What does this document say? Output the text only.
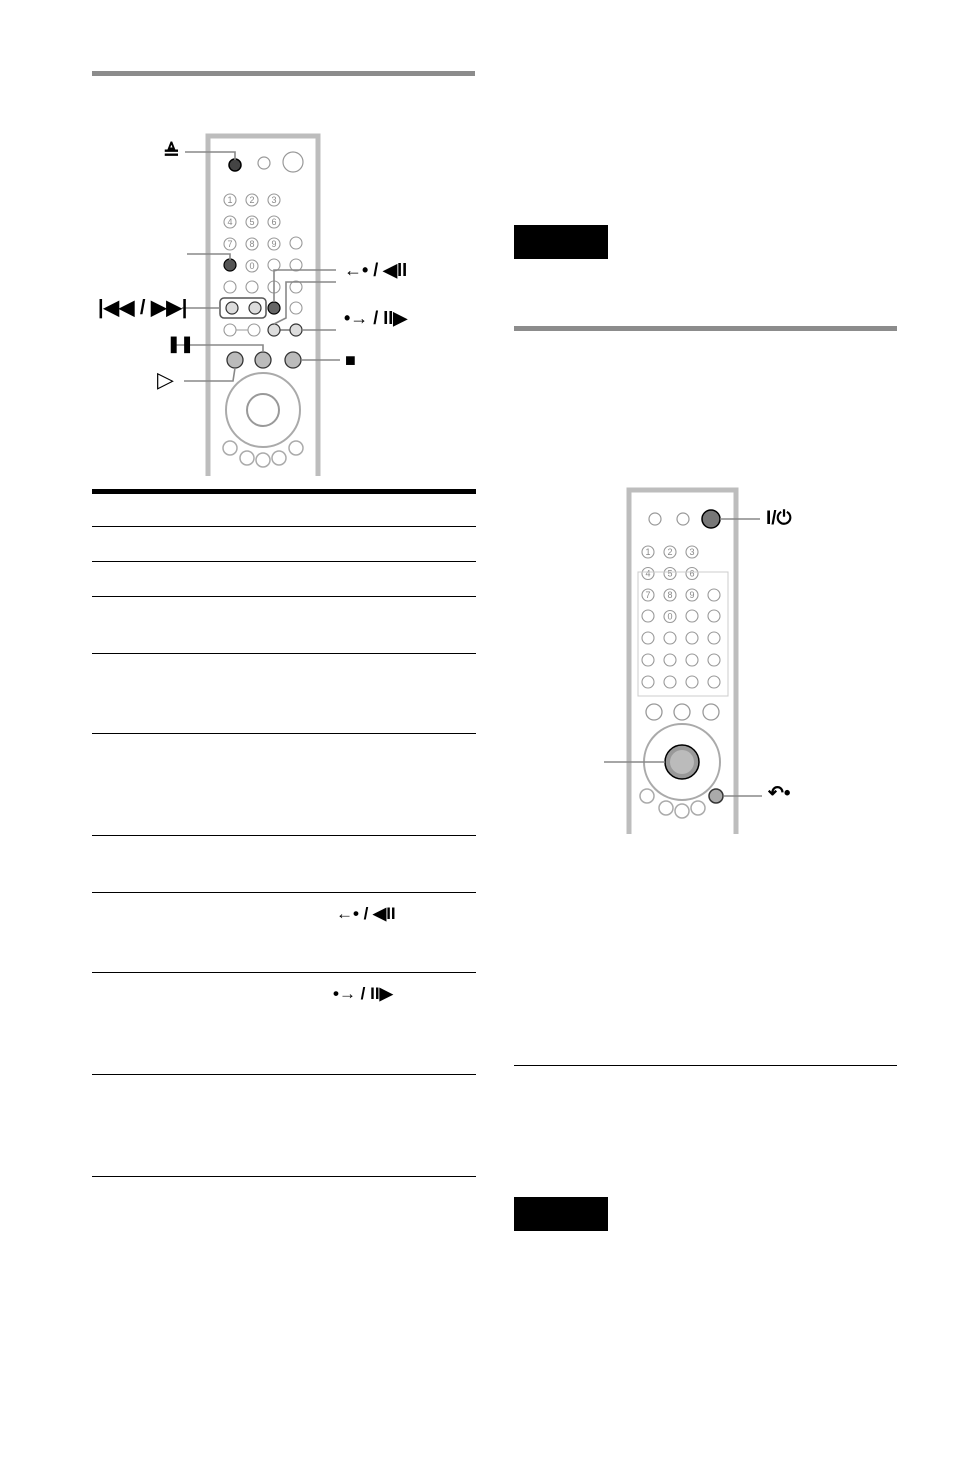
1 2 3
4 5 6
7 8 9
0
≜
|◀◀ / ▶▶|
❚❚
▷
←• / ◀II
•→ / II▶
■
←• / ◀II
•→ / II▶
1 2 3
4 5 6
7 8 9
0
I/⏻
↶•
